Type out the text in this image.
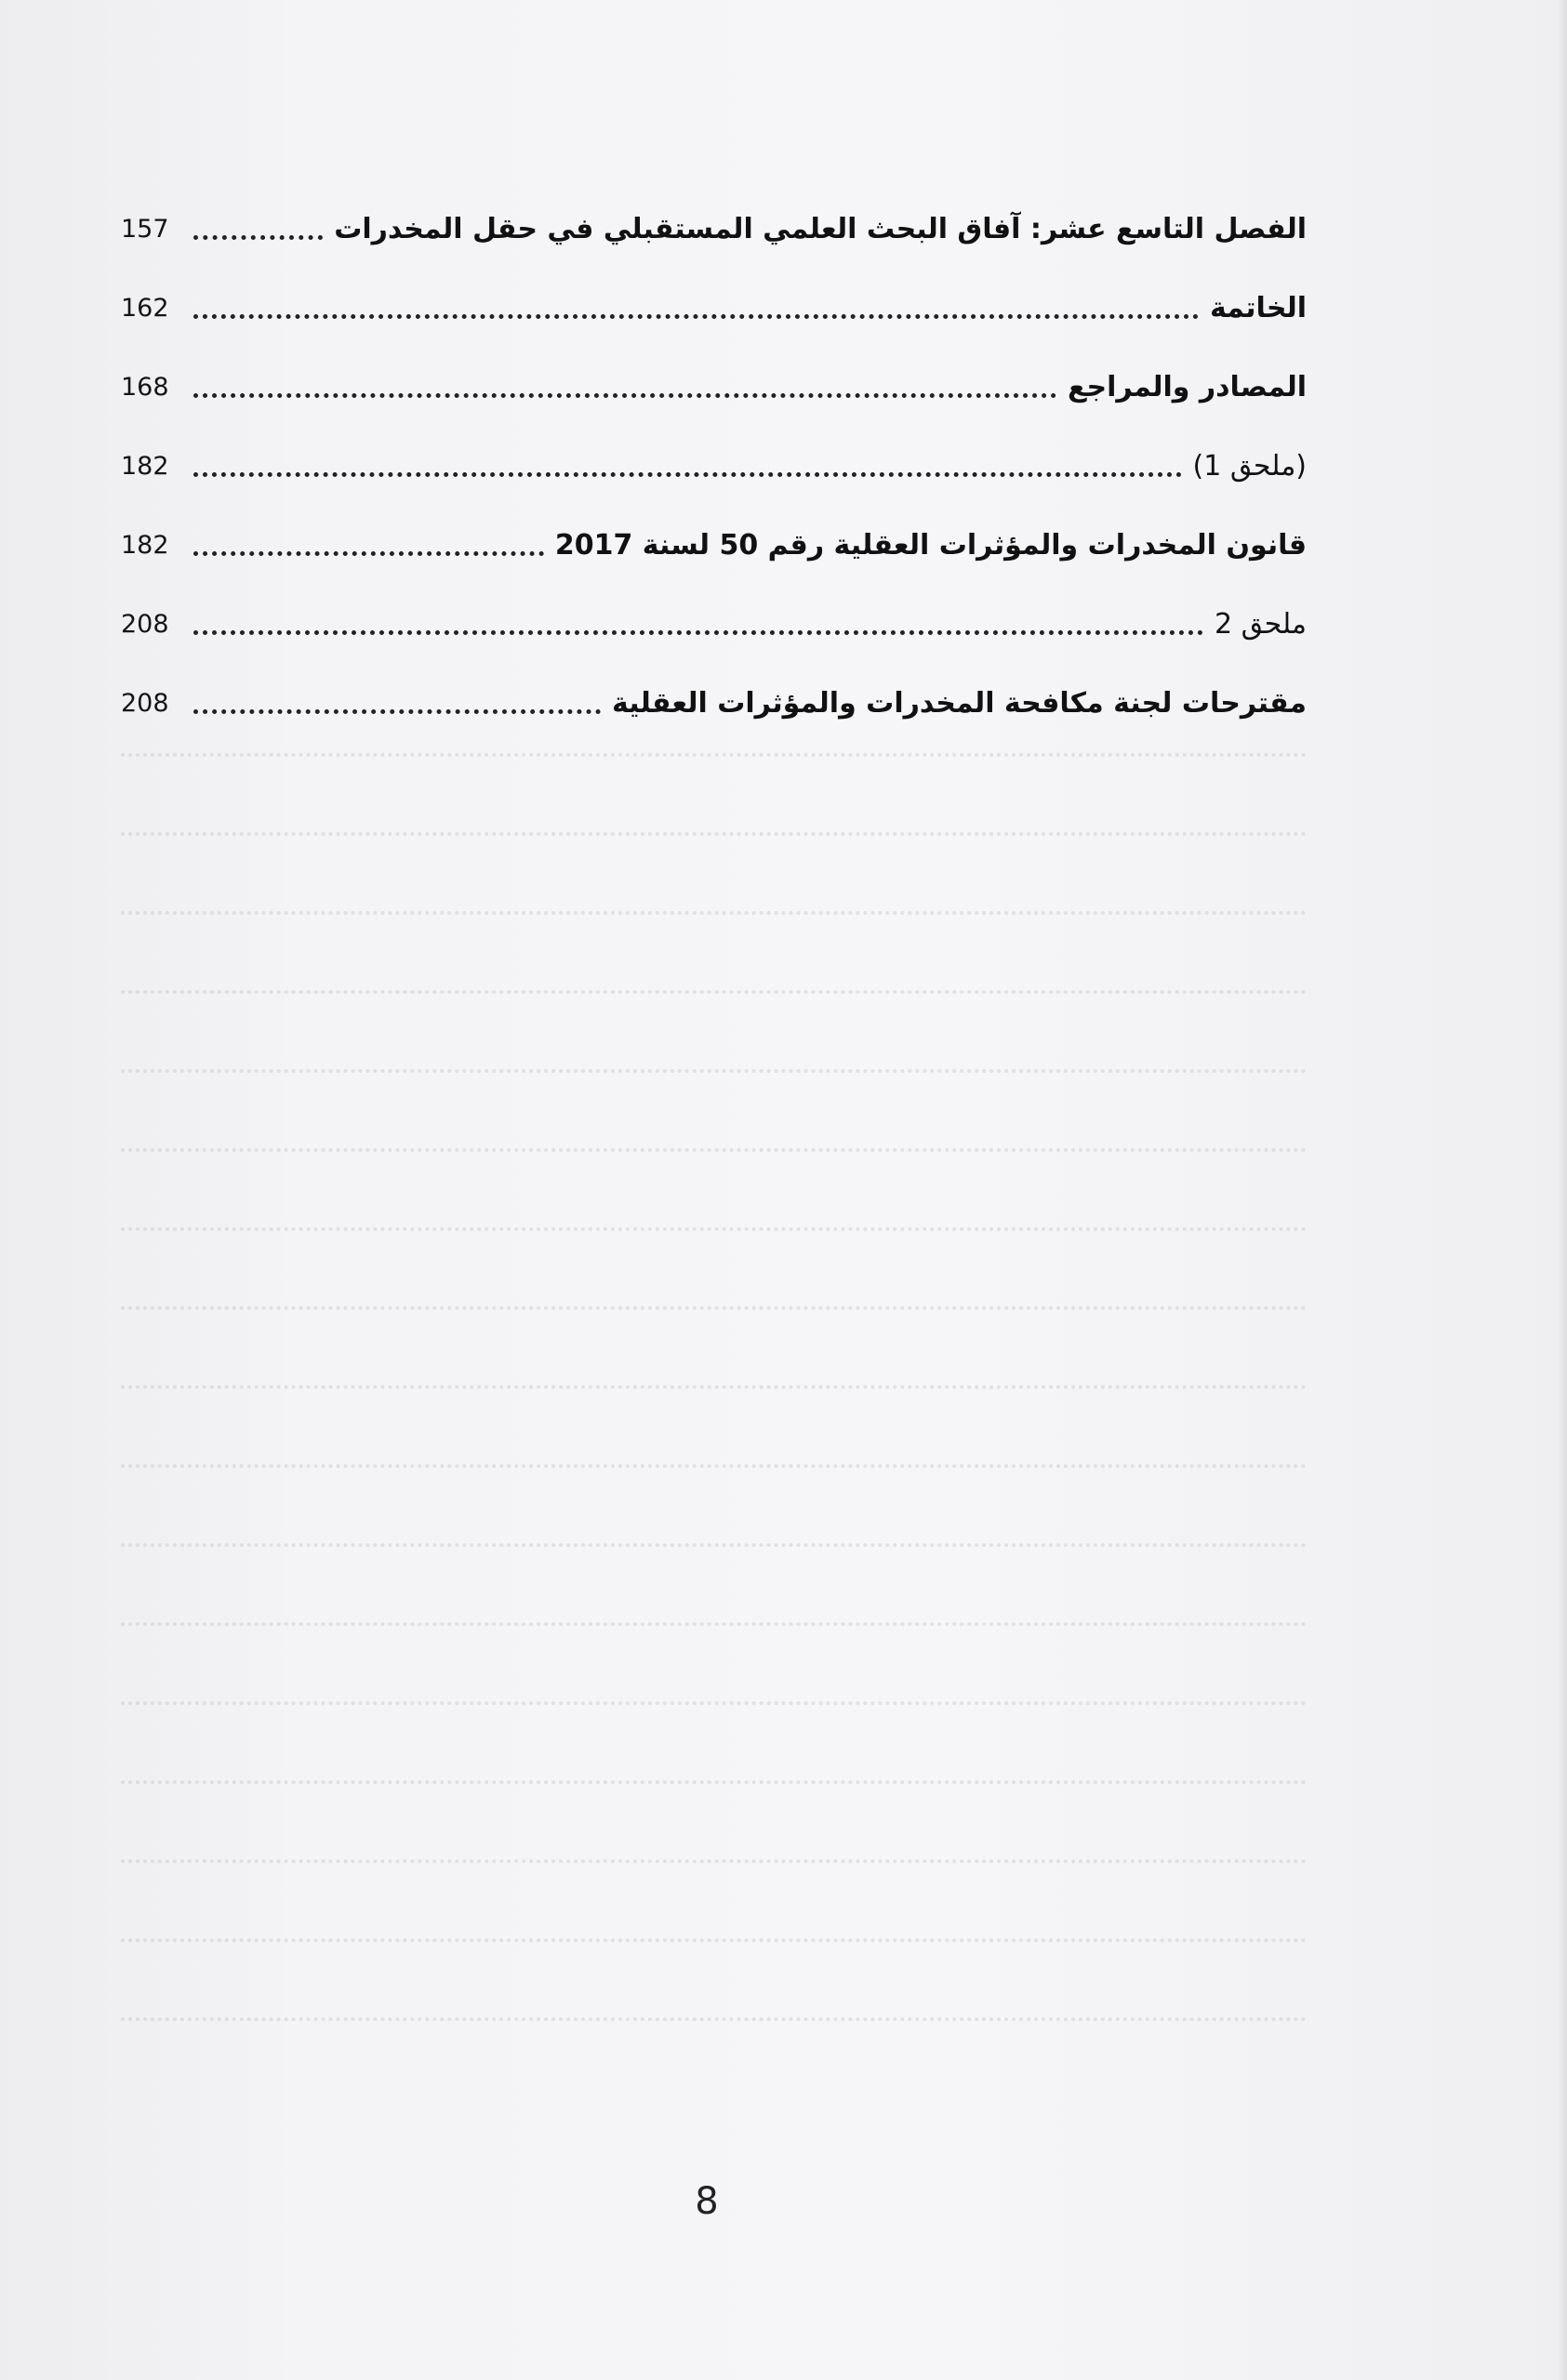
157	الفصل التاسع عشر: آفاق البحث العلمي المستقبلي في حقل المخدرات
162	الخاتمة
168	المصادر والمراجع
182	(ملحق 1)
182	قانون المخدرات والمؤثرات العقلية رقم 50 لسنة 2017
208	ملحق 2
208	مقترحات لجنة مكافحة المخدرات والمؤثرات العقلية
8
